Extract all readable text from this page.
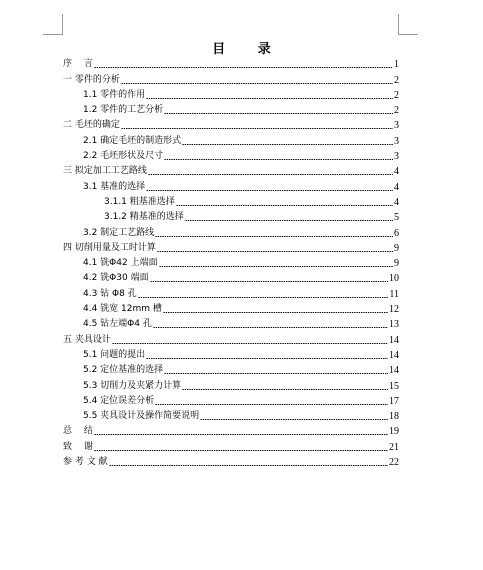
目 录
序　 言	1
一 零件的分析	2
1.1 零件的作用	2
1.2 零件的工艺分析	2
二 毛坯的确定	3
2.1 确定毛坯的制造形式	3
2.2 毛坯形状及尺寸	3
三 拟定加工工艺路线	4
3.1 基准的选择	4
3.1.1 粗基准选择	4
3.1.2 精基准的选择	5
3.2 制定工艺路线	6
四 切削用量及工时计算	9
4.1 铣Φ42 上端面	9
4.2 铣Φ30 端面	10
4.3 钻 Φ8 孔	11
4.4 铣宽 12mm 槽	12
4.5 钻左端Φ4 孔	13
五 夹具设计	14
5.1 问题的提出	14
5.2 定位基准的选择	14
5.3 切削力及夹紧力计算	15
5.4 定位误差分析	17
5.5 夹具设计及操作简要说明	18
总　 结	19
致　 谢	21
参 考 文 献	22
